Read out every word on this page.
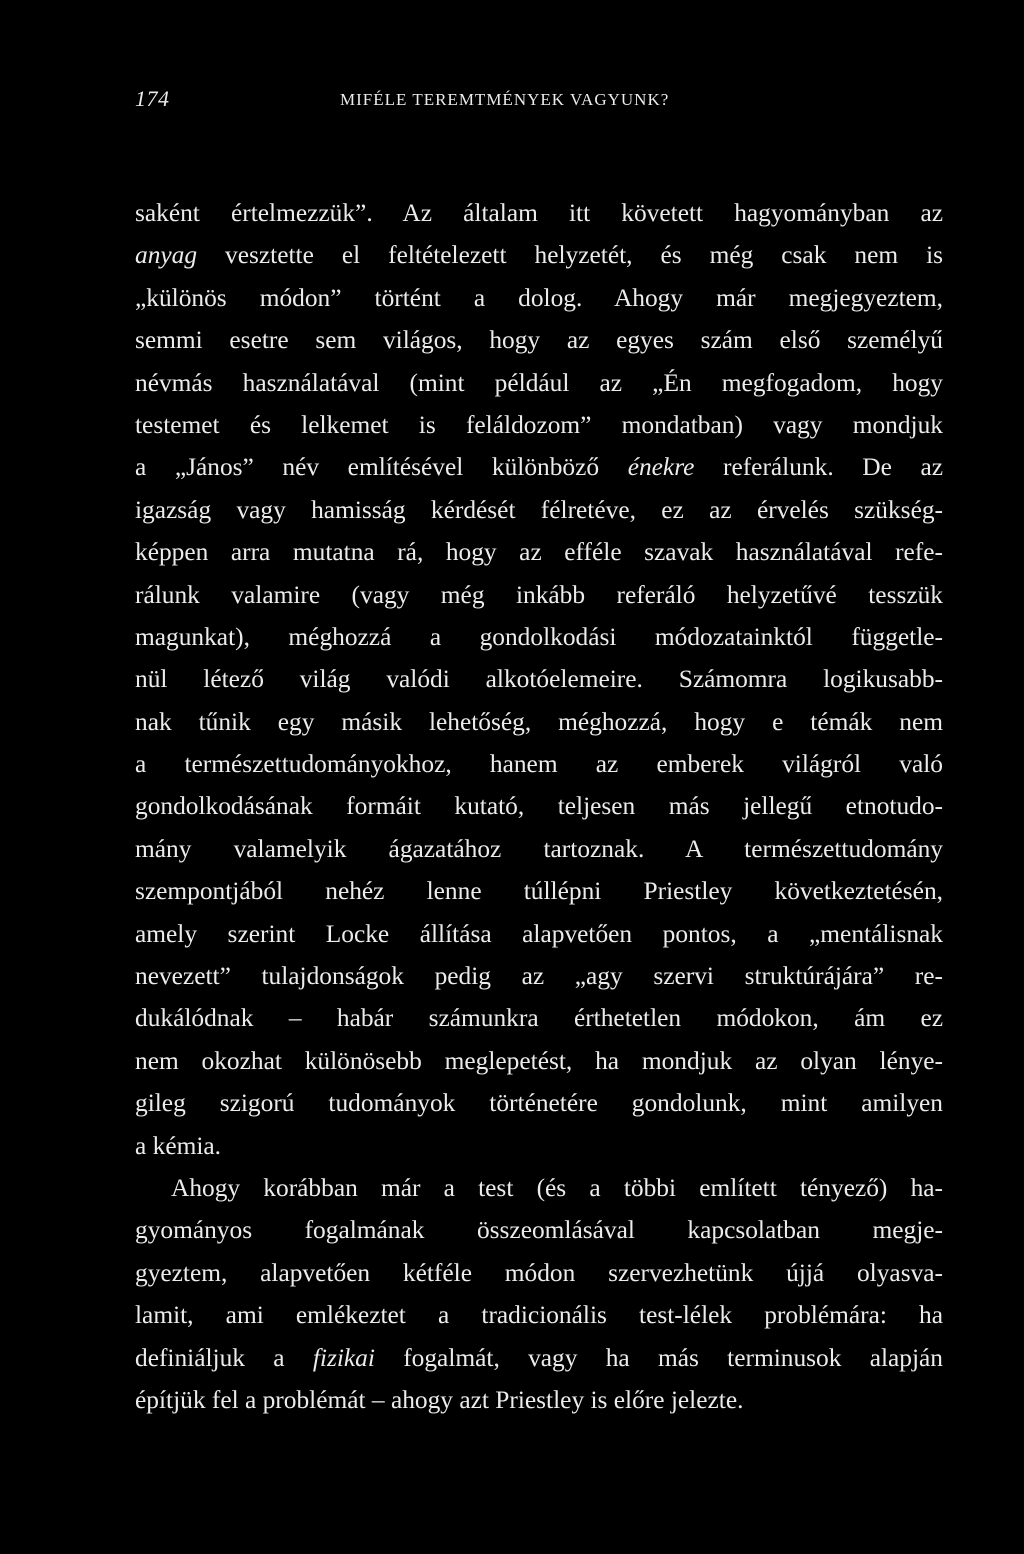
174	MIFÉLE TEREMTMÉNYEK VAGYUNK?
saként értelmezzük”. Az általam itt követett hagyományban az
anyag vesztette el feltételezett helyzetét, és még csak nem is
„különös módon” történt a dolog. Ahogy már megjegyeztem,
semmi esetre sem világos, hogy az egyes szám első személyű
névmás használatával (mint például az „Én megfogadom, hogy
testemet és lelkemet is feláldozom” mondatban) vagy mondjuk
a „János” név említésével különböző énekre referálunk. De az
igazság vagy hamisság kérdését félretéve, ez az érvelés szükség-
képpen arra mutatna rá, hogy az efféle szavak használatával refe-
rálunk valamire (vagy még inkább referáló helyzetűvé tesszük
magunkat), méghozzá a gondolkodási módozatainktól függetle-
nül létező világ valódi alkotóelemeire. Számomra logikusabb-
nak tűnik egy másik lehetőség, méghozzá, hogy e témák nem
a természettudományokhoz, hanem az emberek világról való
gondolkodásának formáit kutató, teljesen más jellegű etnotudo-
mány valamelyik ágazatához tartoznak. A természettudomány
szempontjából nehéz lenne túllépni Priestley következtetésén,
amely szerint Locke állítása alapvetően pontos, a „mentálisnak
nevezett” tulajdonságok pedig az „agy szervi struktúrájára” re-
dukálódnak – habár számunkra érthetetlen módokon, ám ez
nem okozhat különösebb meglepetést, ha mondjuk az olyan lénye-
gileg szigorú tudományok történetére gondolunk, mint amilyen
a kémia.
Ahogy korábban már a test (és a többi említett tényező) ha-
gyományos fogalmának összeomlásával kapcsolatban megje-
gyeztem, alapvetően kétféle módon szervezhetünk újjá olyasva-
lamit, ami emlékeztet a tradicionális test-lélek problémára: ha
definiáljuk a fizikai fogalmát, vagy ha más terminusok alapján
építjük fel a problémát – ahogy azt Priestley is előre jelezte.
